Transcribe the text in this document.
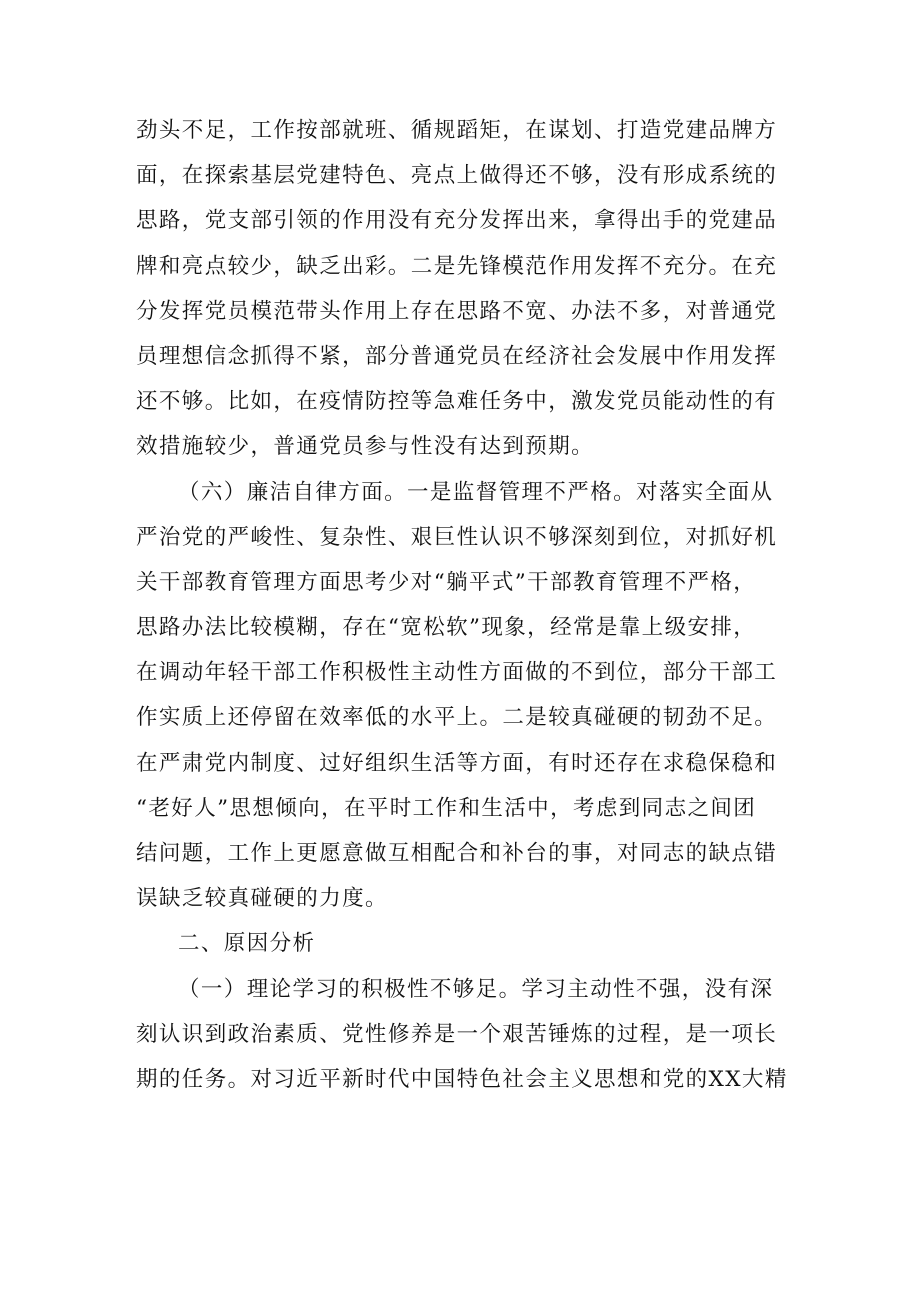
劲头不足，工作按部就班、循规蹈矩，在谋划、打造党建品牌方
面，在探索基层党建特色、亮点上做得还不够，没有形成系统的
思路，党支部引领的作用没有充分发挥出来，拿得出手的党建品
牌和亮点较少，缺乏出彩。二是先锋模范作用发挥不充分。在充
分发挥党员模范带头作用上存在思路不宽、办法不多，对普通党
员理想信念抓得不紧，部分普通党员在经济社会发展中作用发挥
还不够。比如，在疫情防控等急难任务中，激发党员能动性的有
效措施较少，普通党员参与性没有达到预期。
（六）廉洁自律方面。一是监督管理不严格。对落实全面从
严治党的严峻性、复杂性、艰巨性认识不够深刻到位，对抓好机
关干部教育管理方面思考少对“躺平式”干部教育管理不严格，
思路办法比较模糊，存在“宽松软”现象，经常是靠上级安排，
在调动年轻干部工作积极性主动性方面做的不到位，部分干部工
作实质上还停留在效率低的水平上。二是较真碰硬的韧劲不足。
在严肃党内制度、过好组织生活等方面，有时还存在求稳保稳和
“老好人”思想倾向，在平时工作和生活中，考虑到同志之间团
结问题，工作上更愿意做互相配合和补台的事，对同志的缺点错
误缺乏较真碰硬的力度。
二、原因分析
（一）理论学习的积极性不够足。学习主动性不强，没有深
刻认识到政治素质、党性修养是一个艰苦锤炼的过程，是一项长
期的任务。对习近平新时代中国特色社会主义思想和党的XX大精
